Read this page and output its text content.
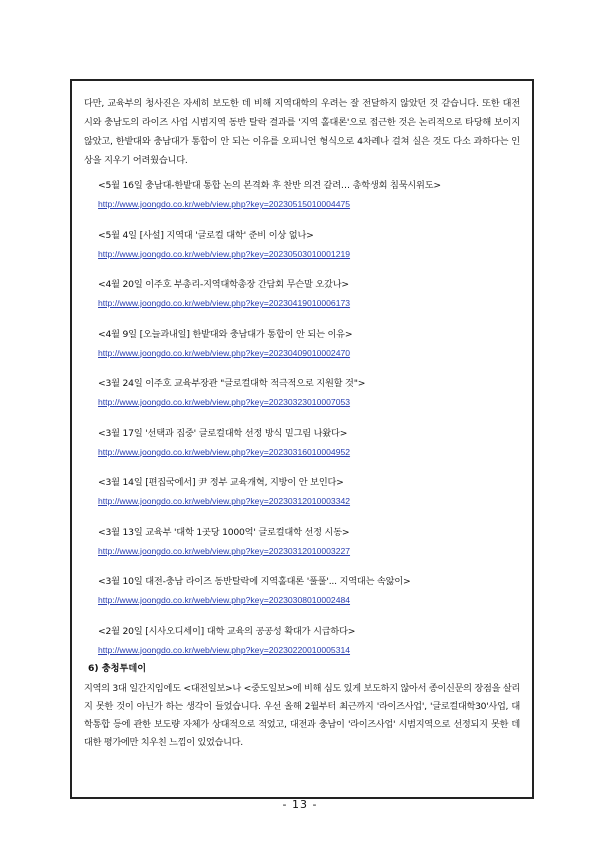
다만, 교육부의 청사진은 자세히 보도한 데 비해 지역대학의 우려는 잘 전달하지 않았던 것 같습니다. 또한 대전시와 충남도의 라이즈 사업 시범지역 동반 탈락 결과를 '지역 홀대론'으로 접근한 것은 논리적으로 타당해 보이지 않았고, 한밭대와 충남대가 통합이 안 되는 이유를 오피니언 형식으로 4차례나 걸쳐 실은 것도 다소 과하다는 인상을 지우기 어려웠습니다.

<5월 16일 충남대-한밭대 통합 논의 본격화 후 찬반 의견 갈려… 총학생회 침묵시위도>
http://www.joongdo.co.kr/web/view.php?key=20230515010004475
<5월 4일 [사설] 지역대 '글로컬 대학' 준비 이상 없나>
http://www.joongdo.co.kr/web/view.php?key=20230503010001219
<4월 20일 이주호 부총리-지역대학총장 간담회 무슨말 오갔나>
http://www.joongdo.co.kr/web/view.php?key=20230419010006173
<4월 9일 [오늘과내일] 한밭대와 충남대가 통합이 안 되는 이유>
http://www.joongdo.co.kr/web/view.php?key=20230409010002470
<3월 24일 이주호 교육부장관 "글로컬대학 적극적으로 지원할 것">
http://www.joongdo.co.kr/web/view.php?key=20230323010007053
<3월 17일 '선택과 집중' 글로컬대학 선정 방식 밑그림 나왔다>
http://www.joongdo.co.kr/web/view.php?key=20230316010004952
<3월 14일 [편집국에서] 尹 정부 교육개혁, 지방이 안 보인다>
http://www.joongdo.co.kr/web/view.php?key=20230312010003342
<3월 13일 교육부 '대학 1곳당 1000억' 글로컬대학 선정 시동>
http://www.joongdo.co.kr/web/view.php?key=20230312010003227
<3월 10일 대전-충남 라이즈 동반탈락에 지역홀대론 '풀풀'... 지역대는 속앓이>
http://www.joongdo.co.kr/web/view.php?key=20230308010002484
<2월 20일 [시사오디세이] 대학 교육의 공공성 확대가 시급하다>
http://www.joongdo.co.kr/web/view.php?key=20230220010005314
6) 충청투데이

지역의 3대 일간지임에도 <대전일보>나 <중도일보>에 비해 심도 있게 보도하지 않아서 종이신문의 장점을 살리지 못한 것이 아닌가 하는 생각이 들었습니다. 우선 올해 2월부터 최근까지 '라이즈사업', '글로컬대학30'사업, 대학통합 등에 관한 보도량 자체가 상대적으로 적었고, 대전과 충남이 '라이즈사업' 시범지역으로 선정되지 못한 데 대한 평가에만 치우친 느낌이 있었습니다.

- 13 -
